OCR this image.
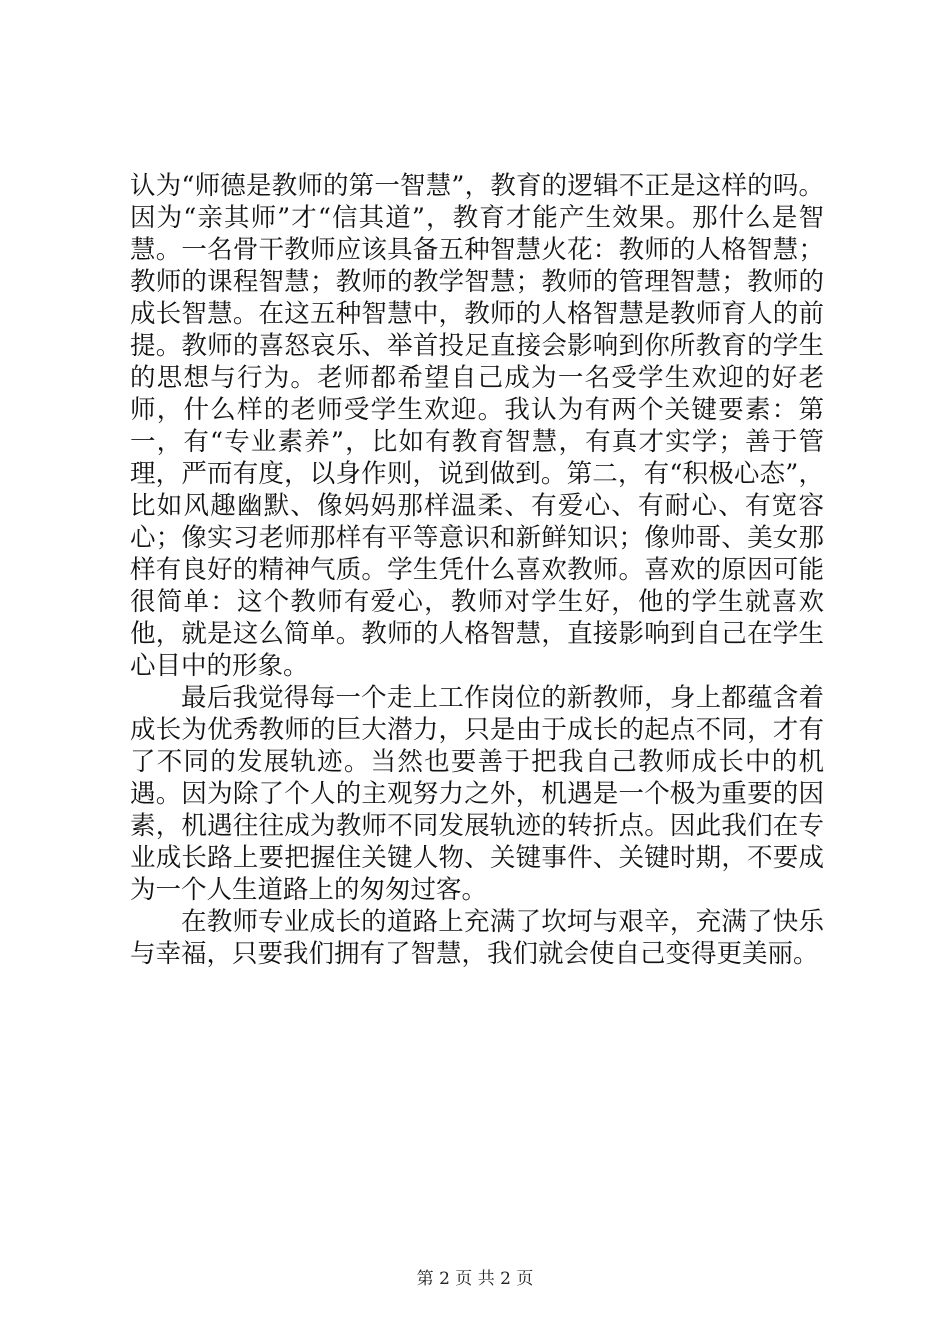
认为“师德是教师的第一智慧”，教育的逻辑不正是这样的吗。因为“亲其师”才“信其道”，教育才能产生效果。那什么是智慧。一名骨干教师应该具备五种智慧火花：教师的人格智慧；教师的课程智慧；教师的教学智慧；教师的管理智慧；教师的成长智慧。在这五种智慧中，教师的人格智慧是教师育人的前提。教师的喜怒哀乐、举首投足直接会影响到你所教育的学生的思想与行为。老师都希望自己成为一名受学生欢迎的好老师，什么样的老师受学生欢迎。我认为有两个关键要素：第一，有“专业素养”，比如有教育智慧，有真才实学；善于管理，严而有度，以身作则，说到做到。第二，有“积极心态”，比如风趣幽默、像妈妈那样温柔、有爱心、有耐心、有宽容心；像实习老师那样有平等意识和新鲜知识；像帅哥、美女那样有良好的精神气质。学生凭什么喜欢教师。喜欢的原因可能很简单：这个教师有爱心，教师对学生好，他的学生就喜欢他，就是这么简单。教师的人格智慧，直接影响到自己在学生心目中的形象。

最后我觉得每一个走上工作岗位的新教师，身上都蕴含着成长为优秀教师的巨大潜力，只是由于成长的起点不同，才有了不同的发展轨迹。当然也要善于把我自己教师成长中的机遇。因为除了个人的主观努力之外，机遇是一个极为重要的因素，机遇往往成为教师不同发展轨迹的转折点。因此我们在专业成长路上要把握住关键人物、关键事件、关键时期，不要成为一个人生道路上的匆匆过客。

在教师专业成长的道路上充满了坎坷与艰辛，充满了快乐与幸福，只要我们拥有了智慧，我们就会使自己变得更美丽。

第 2 页 共 2 页
